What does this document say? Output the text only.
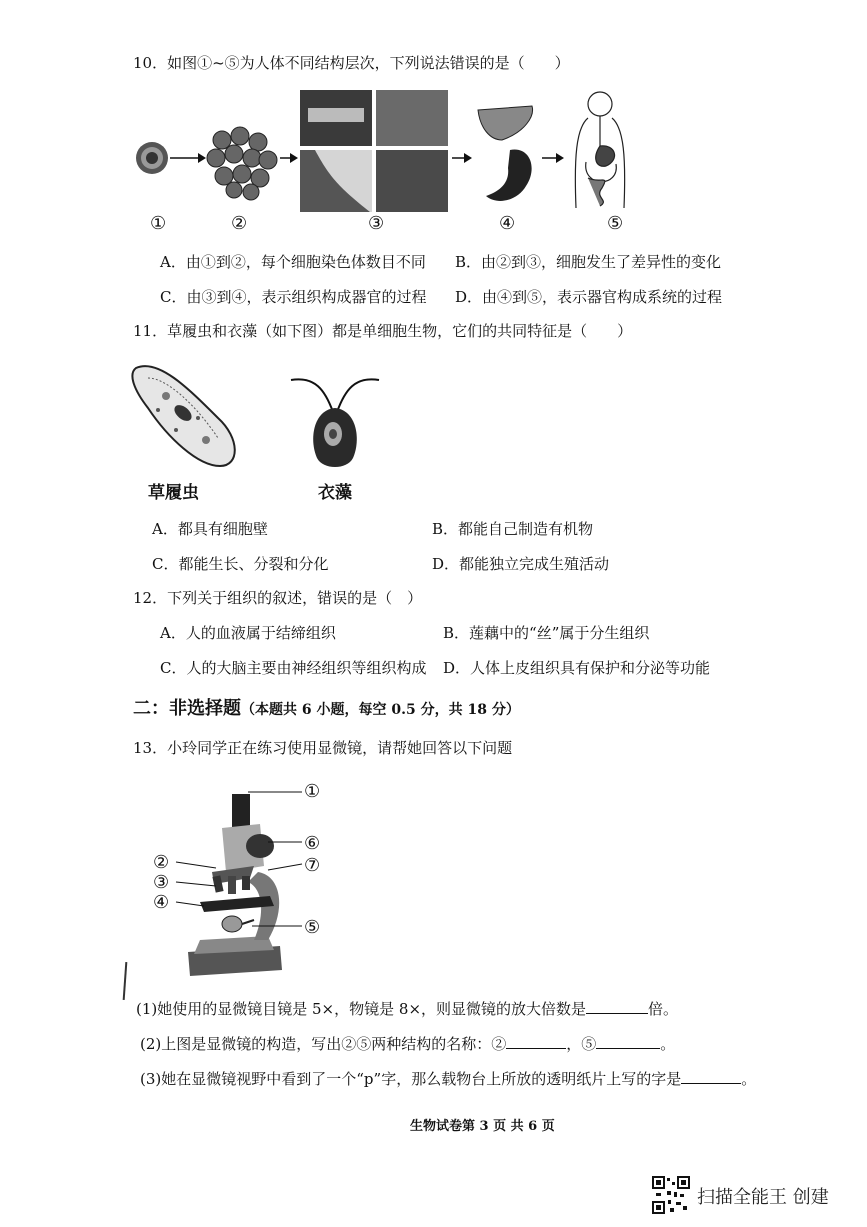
10．如图①~⑤为人体不同结构层次，下列说法错误的是（　　）
①	②	③	④	⑤
A．由①到②，每个细胞染色体数目不同 B．由②到③，细胞发生了差异性的变化
C．由③到④，表示组织构成器官的过程 D．由④到⑤，表示器官构成系统的过程
11．草履虫和衣藻（如下图）都是单细胞生物，它们的共同特征是（　　）
草履虫	衣藻
A．都具有细胞壁	B．都能自己制造有机物
C．都能生长、分裂和分化	D．都能独立完成生殖活动
12．下列关于组织的叙述，错误的是（　）
A．人的血液属于结缔组织	B．莲藕中的“丝”属于分生组织
C．人的大脑主要由神经组织等组织构成 D．人体上皮组织具有保护和分泌等功能
二：非选择题（本题共 6 小题，每空 0.5 分，共 18 分）
13．小玲同学正在练习使用显微镜，请帮她回答以下问题
①
②
③
④
⑤
⑥
⑦
(1)她使用的显微镜目镜是 5×，物镜是 8×，则显微镜的放大倍数是	倍。
(2)上图是显微镜的构造，写出②⑤两种结构的名称：②	，⑤	。
(3)她在显微镜视野中看到了一个“p”字，那么载物台上所放的透明纸片上写的字是	。
生物试卷第 3 页 共 6 页
扫描全能王 创建
